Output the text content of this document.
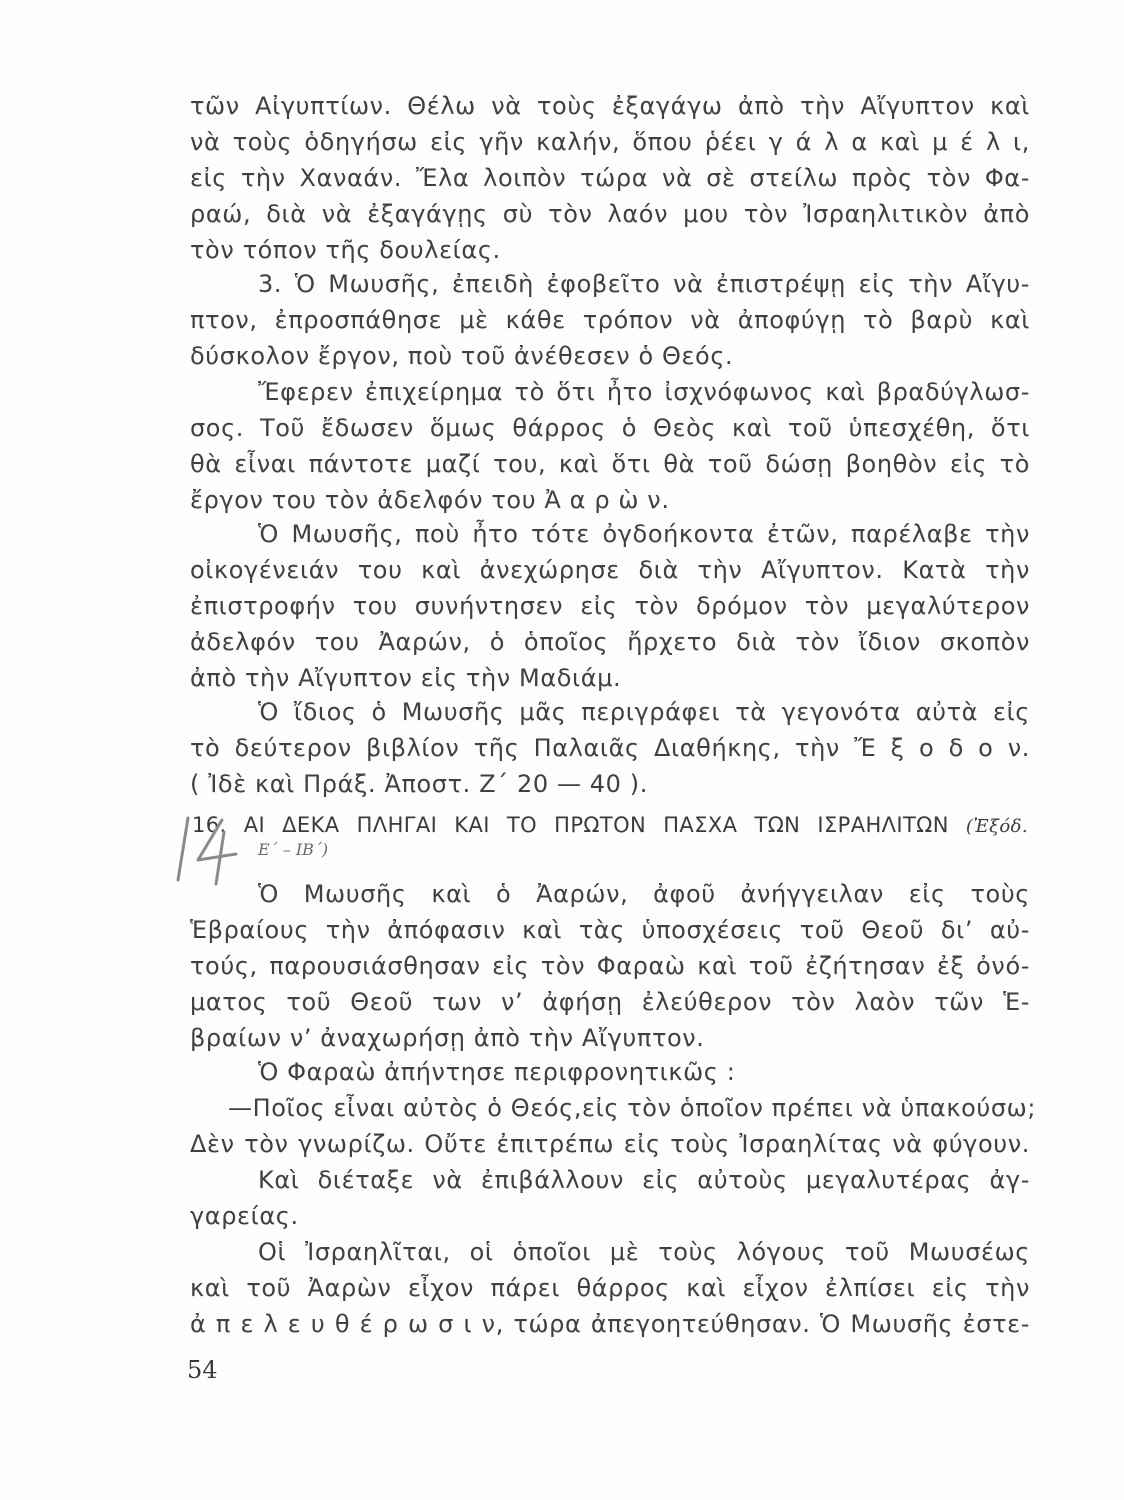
τῶν Αἰγυπτίων. Θέλω νὰ τοὺς ἐξαγάγω ἀπὸ τὴν Αἴγυπτον καὶ
νὰ τοὺς ὁδηγήσω εἰς γῆν καλήν, ὅπου ῥέει γ ά λ α καὶ μ έ λ ι,
εἰς τὴν Χαναάν. Ἔλα λοιπὸν τώρα νὰ σὲ στείλω πρὸς τὸν Φα-
ραώ, διὰ νὰ ἐξαγάγῃς σὺ τὸν λαόν μου τὸν Ἰσραηλιτικὸν ἀπὸ
τὸν τόπον τῆς δουλείας.
3. Ὁ Μωυσῆς, ἐπειδὴ ἐφοβεῖτο νὰ ἐπιστρέψῃ εἰς τὴν Αἴγυ-
πτον, ἐπροσπάθησε μὲ κάθε τρόπον νὰ ἀποφύγῃ τὸ βαρὺ καὶ
δύσκολον ἔργον, ποὺ τοῦ ἀνέθεσεν ὁ Θεός.
Ἔφερεν ἐπιχείρημα τὸ ὅτι ἦτο ἰσχνόφωνος καὶ βραδύγλωσ-
σος. Τοῦ ἔδωσεν ὅμως θάρρος ὁ Θεὸς καὶ τοῦ ὑπεσχέθη, ὅτι
θὰ εἶναι πάντοτε μαζί του, καὶ ὅτι θὰ τοῦ δώσῃ βοηθὸν εἰς τὸ
ἔργον του τὸν ἀδελφόν του Ἀ α ρ ὼ ν.
Ὁ Μωυσῆς, ποὺ ἦτο τότε ὀγδοήκοντα ἐτῶν, παρέλαβε τὴν
οἰκογένειάν του καὶ ἀνεχώρησε διὰ τὴν Αἴγυπτον. Κατὰ τὴν
ἐπιστροφήν του συνήντησεν εἰς τὸν δρόμον τὸν μεγαλύτερον
ἀδελφόν του Ἀαρών, ὁ ὁποῖος ἤρχετο διὰ τὸν ἴδιον σκοπὸν
ἀπὸ τὴν Αἴγυπτον εἰς τὴν Μαδιάμ.
Ὁ ἴδιος ὁ Μωυσῆς μᾶς περιγράφει τὰ γεγονότα αὐτὰ εἰς
τὸ δεύτερον βιβλίον τῆς Παλαιᾶς Διαθήκης, τὴν Ἔ ξ ο δ ο ν.
( Ἰδὲ καὶ Πράξ. Ἀποστ. Ζ΄ 20 — 40 ).
16. ΑΙ ΔΕΚΑ ΠΛΗΓΑΙ ΚΑΙ ΤΟ ΠΡΩΤΟΝ ΠΑΣΧΑ ΤΩΝ ΙΣΡΑΗΛΙΤΩΝ (Ἐξόδ.
Ε΄ – ΙΒ΄)
Ὁ Μωυσῆς καὶ ὁ Ἀαρών, ἀφοῦ ἀνήγγειλαν εἰς τοὺς
Ἑβραίους τὴν ἀπόφασιν καὶ τὰς ὑποσχέσεις τοῦ Θεοῦ δι’ αὐ-
τούς, παρουσιάσθησαν εἰς τὸν Φαραὼ καὶ τοῦ ἐζήτησαν ἐξ ὀνό-
ματος τοῦ Θεοῦ των ν’ ἀφήσῃ ἐλεύθερον τὸν λαὸν τῶν Ἑ-
βραίων ν’ ἀναχωρήσῃ ἀπὸ τὴν Αἴγυπτον.
Ὁ Φαραὼ ἀπήντησε περιφρονητικῶς :
—Ποῖος εἶναι αὐτὸς ὁ Θεός,εἰς τὸν ὁποῖον πρέπει νὰ ὑπακούσω;
Δὲν τὸν γνωρίζω. Οὔτε ἐπιτρέπω εἰς τοὺς Ἰσραηλίτας νὰ φύγουν.
Καὶ διέταξε νὰ ἐπιβάλλουν εἰς αὐτοὺς μεγαλυτέρας ἀγ-
γαρείας.
Οἱ Ἰσραηλῖται, οἱ ὁποῖοι μὲ τοὺς λόγους τοῦ Μωυσέως
καὶ τοῦ Ἀαρὼν εἶχον πάρει θάρρος καὶ εἶχον ἐλπίσει εἰς τὴν
ἀ π ε λ ε υ θ έ ρ ω σ ι ν, τώρα ἀπεγοητεύθησαν. Ὁ Μωυσῆς ἐστε-
54
